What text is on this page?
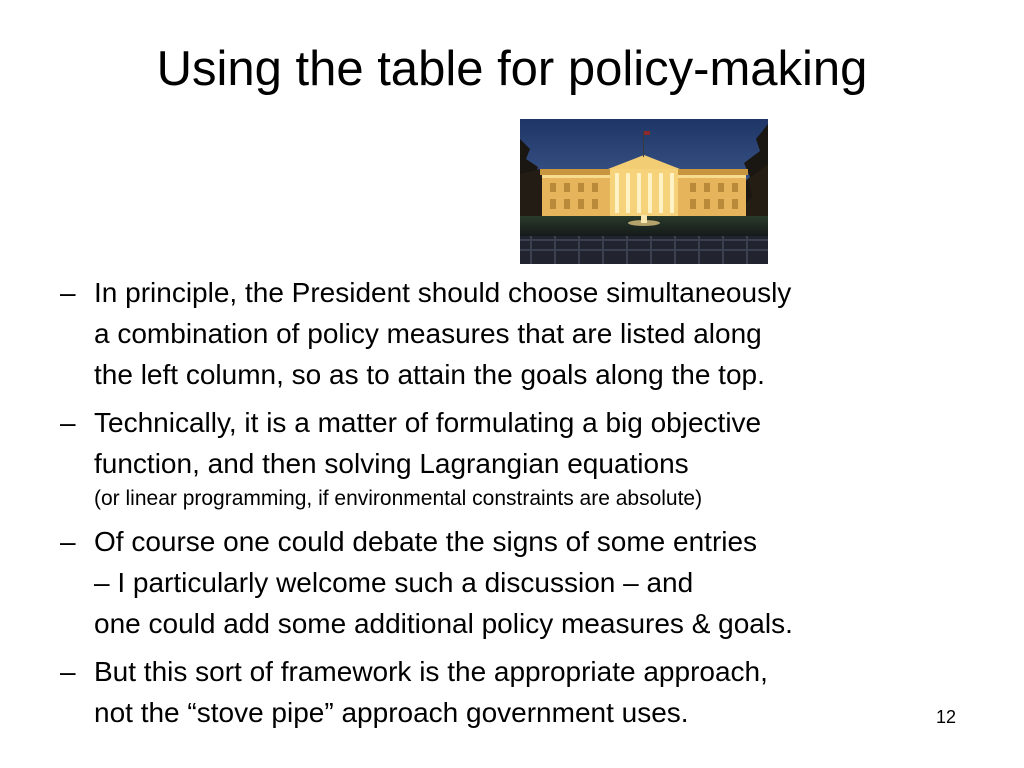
Using the table for policy-making
– In principle, the President should choose simultaneously
a combination of policy measures that are listed along
the left column, so as to attain the goals along the top.
– Technically, it is a matter of formulating a big objective
function, and then solving Lagrangian equations
(or linear programming, if environmental constraints are absolute)
– Of course one could debate the signs of some entries
– I particularly welcome such a discussion – and
one could add some additional policy measures & goals.
– But this sort of framework is the appropriate approach,
not the “stove pipe” approach government uses.	12
